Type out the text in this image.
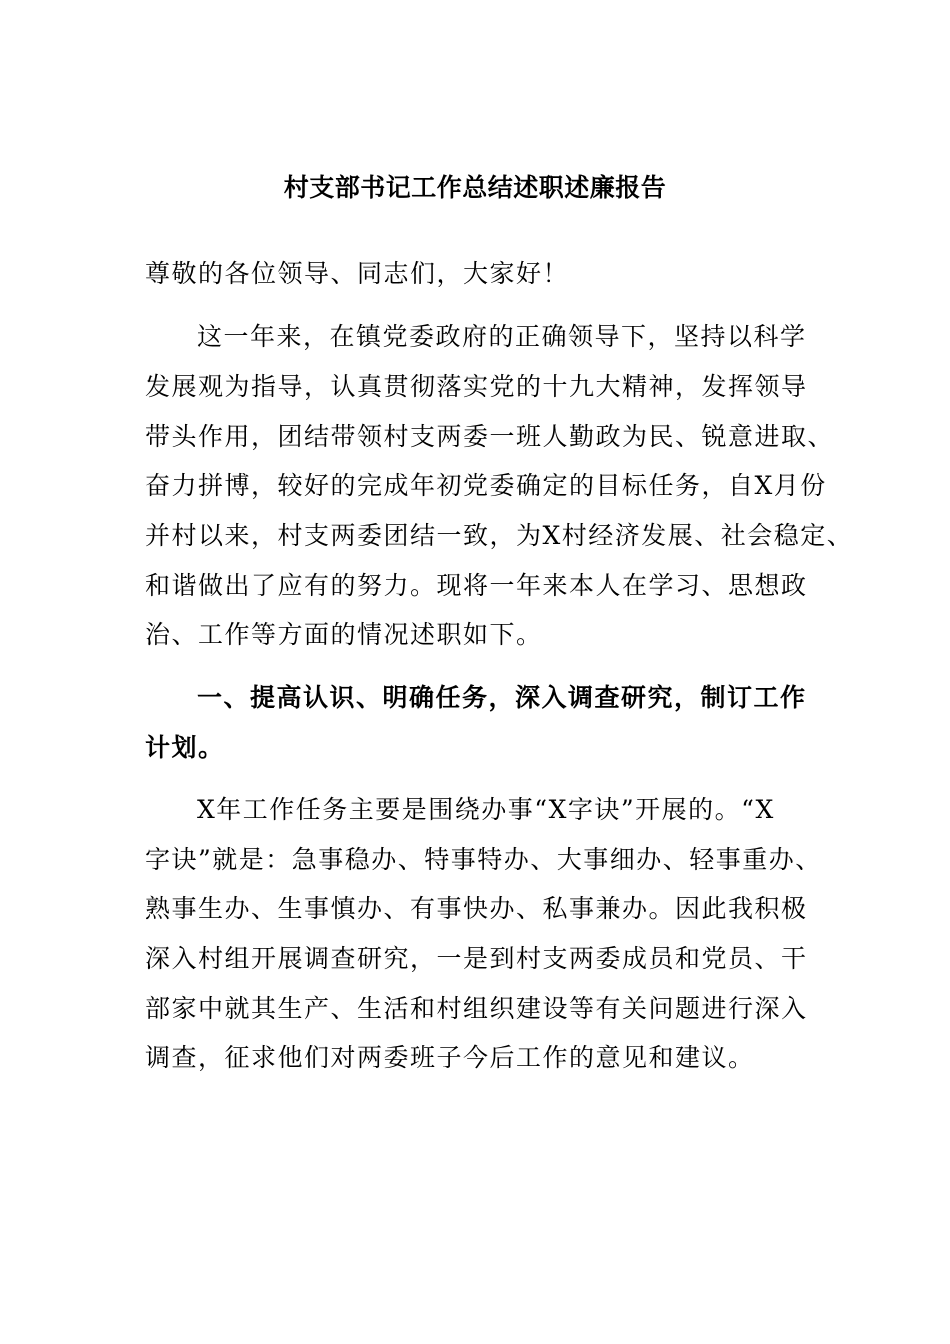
村支部书记工作总结述职述廉报告
尊敬的各位领导、同志们，大家好！
这一年来，在镇党委政府的正确领导下，坚持以科学
发展观为指导，认真贯彻落实党的十九大精神，发挥领导
带头作用，团结带领村支两委一班人勤政为民、锐意进取、
奋力拼博，较好的完成年初党委确定的目标任务，自X月份
并村以来，村支两委团结一致，为X村经济发展、社会稳定、
和谐做出了应有的努力。现将一年来本人在学习、思想政
治、工作等方面的情况述职如下。
一、提高认识、明确任务，深入调查研究，制订工作
计划。
X年工作任务主要是围绕办事“X字诀”开展的。“X
字诀”就是：急事稳办、特事特办、大事细办、轻事重办、
熟事生办、生事慎办、有事快办、私事兼办。因此我积极
深入村组开展调查研究，一是到村支两委成员和党员、干
部家中就其生产、生活和村组织建设等有关问题进行深入
调查，征求他们对两委班子今后工作的意见和建议。
